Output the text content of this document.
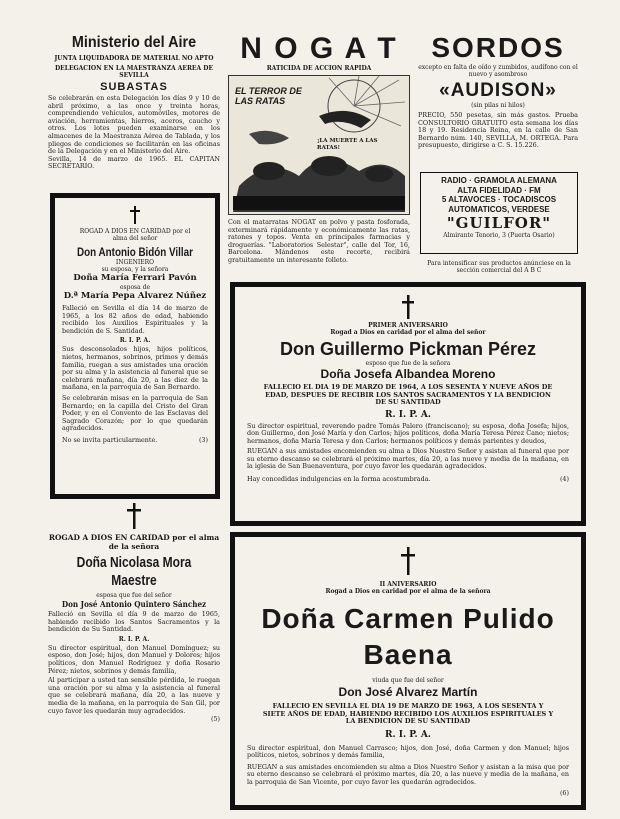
Ministerio del Aire
JUNTA LIQUIDADORA DE MATERIAL NO APTO
DELEGACION EN LA MAESTRANZA AEREA DE SEVILLA
SUBASTAS

Se celebrarán en esta Delegación los días 9 y 10 de abril próximo, a las once y treinta horas, comprendiendo vehículos, automóviles, motores de aviación, herramientas, hierros, aceros, caucho y otros. Los lotes pueden examinarse en los almacenes de la Maestranza Aérea de Tablada, y los pliegos de condiciones se facilitarán en las oficinas de la Delegación y en el Ministerio del Aire.

Sevilla, 14 de marzo de 1965. EL CAPITAN SECRETARIO.

ROGAD A DIOS EN CARIDAD por el alma del señor
Don Antonio Bidón Villar
INGENIERO
su esposa, y la señora
Doña María Ferrari Pavón
esposa de
D.ª María Pepa Alvarez Núñez

Falleció en Sevilla el día 14 de marzo de 1965, a los 82 años de edad, habiendo recibido los Auxilios Espirituales y la bendición de S. Santidad.

R. I. P. A.

Sus desconsolados hijos, hijos políticos, nietos, hermanos, sobrinos, primos y demás familia, ruegan a sus amistades una oración por su alma y la asistencia al funeral que se celebrará mañana, día 20, a las diez de la mañana, en la parroquia de San Bernardo.

Se celebrarán misas en la parroquia de San Bernardo; en la capilla del Cristo del Gran Poder, y en el Convento de las Esclavas del Sagrado Corazón; por lo que quedarán agradecidos.

No se invita particularmente.	(3)
ROGAD A DIOS EN CARIDAD por el alma de la señora
Doña Nicolasa Mora
Maestre
esposa que fue del señor
Don José Antonio Quintero Sánchez

Falleció en Sevilla el día 9 de marzo de 1965, habiendo recibido los Santos Sacramentos y la bendición de Su Santidad.

R. I. P. A.

Su director espiritual, don Manuel Domínguez; su esposo, don José; hijos, don Manuel y Dolores; hijos políticos, don Manuel Rodríguez y doña Rosario Pérez; nietos, sobrinos y demás familia,

Al participar a usted tan sensible pérdida, le ruegan una oración por su alma y la asistencia al funeral que se celebrará mañana, día 20, a las nueve y media de la mañana, en la parroquia de San Gil, por cuyo favor les quedarán muy agradecidos.

(5)
N O G A T
RATICIDA DE ACCION RAPIDA
EL TERROR DE LAS RATAS
¡LA MUERTE A LAS RATAS!

Con el matarratas NOGAT en polvo y pasta fosforada, exterminará rápidamente y económicamente las ratas, ratones y topos. Venta en principales farmacias y droguerías. "Laboratorios Selestar", calle del Tor, 16, Barcelona. Mándenos este recorte, recibirá gratuitamente un interesante folleto.

SORDOS
excepto en falta de oído y zumbidos, audífono con el nuevo y asombroso
«AUDISON»
(sin pilas ni hilos)

PRECIO, 550 pesetas, sin más gastos. Prueba CONSULTORIO GRATUITO esta semana los días 18 y 19. Residencia Reina, en la calle de San Bernardo núm. 140, SEVILLA, M. ORTEGA. Para presupuesto, dirigirse a C. S. 15.226.

RADIO · GRAMOLA ALEMANA
ALTA FIDELIDAD · FM
5 ALTAVOCES · TOCADISCOS
AUTOMATICOS, VERDESE
"GUILFOR"
Almirante Tenorio, 3 (Puerta Osario)
Para intensificar sus productos anúnciese en la sección comercial del A B C
PRIMER ANIVERSARIO
Rogad a Dios en caridad por el alma del señor
Don Guillermo Pickman Pérez
esposo que fue de la señora
Doña Josefa Albandea Moreno
FALLECIO EL DIA 19 DE MARZO DE 1964, A LOS SESENTA Y NUEVE AÑOS DE EDAD, DESPUES DE RECIBIR LOS SANTOS SACRAMENTOS Y LA BENDICION DE SU SANTIDAD
R. I. P. A.

Su director espiritual, reverendo padre Tomás Palero (franciscano); su esposa, doña Josefa; hijos, don Guillermo, don José María y don Carlos; hijos políticos, doña María Teresa Pérez Cano; nietos; hermanos, doña María Teresa y don Carlos; hermanos políticos y demás parientes y deudos,

RUEGAN a sus amistades encomienden su alma a Dios Nuestro Señor y asistan al funeral que por su eterno descanso se celebrará el próximo martes, día 20, a las nueve y media de la mañana, en la iglesia de San Buenaventura, por cuyo favor les quedarán agradecidos.

Hay concedidas indulgencias en la forma acostumbrada.	(4)
II ANIVERSARIO
Rogad a Dios en caridad por el alma de la señora
Doña Carmen Pulido Baena
viuda que fue del señor
Don José Alvarez Martín
FALLECIO EN SEVILLA EL DIA 19 DE MARZO DE 1963, A LOS SESENTA Y SIETE AÑOS DE EDAD, HABIENDO RECIBIDO LOS AUXILIOS ESPIRITUALES Y LA BENDICION DE SU SANTIDAD
R. I. P. A.

Su director espiritual, don Manuel Carrasco; hijos, don José, doña Carmen y don Manuel; hijos políticos, nietos, sobrinos y demás familia,

RUEGAN a sus amistades encomienden su alma a Dios Nuestro Señor y asistan a la misa que por su eterno descanso se celebrará el próximo martes, día 20, a las nueve y media de la mañana, en la parroquia de San Vicente, por cuyo favor les quedarán agradecidos.

(6)
